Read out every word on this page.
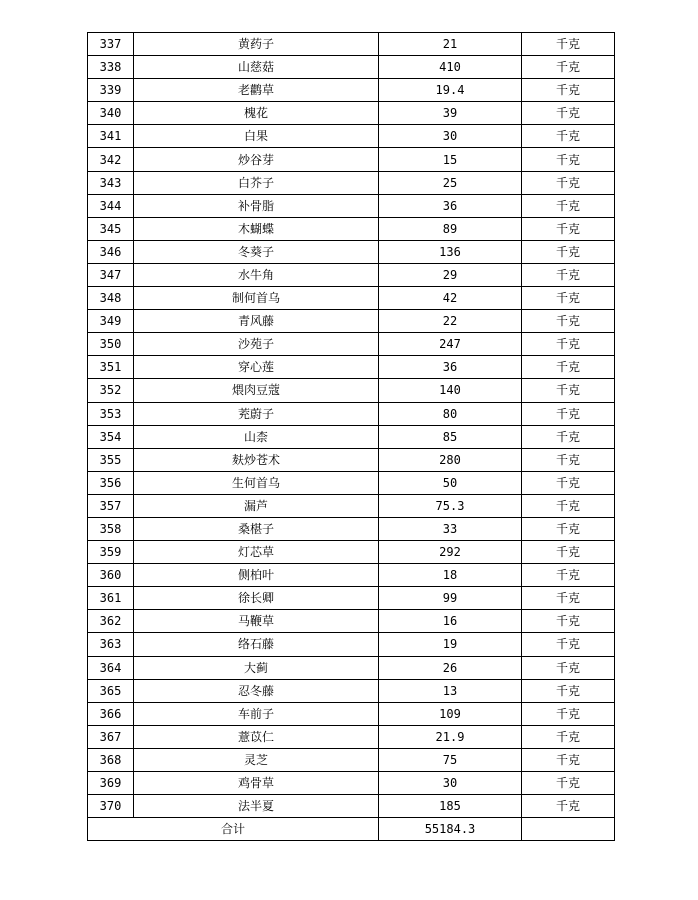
337	黄药子	21	千克
338	山慈菇	410	千克
339	老鹳草	19.4	千克
340	槐花	39	千克
341	白果	30	千克
342	炒谷芽	15	千克
343	白芥子	25	千克
344	补骨脂	36	千克
345	木蝴蝶	89	千克
346	冬葵子	136	千克
347	水牛角	29	千克
348	制何首乌	42	千克
349	青风藤	22	千克
350	沙苑子	247	千克
351	穿心莲	36	千克
352	煨肉豆蔻	140	千克
353	茺蔚子	80	千克
354	山柰	85	千克
355	麸炒苍术	280	千克
356	生何首乌	50	千克
357	漏芦	75.3	千克
358	桑椹子	33	千克
359	灯芯草	292	千克
360	侧柏叶	18	千克
361	徐长卿	99	千克
362	马鞭草	16	千克
363	络石藤	19	千克
364	大蓟	26	千克
365	忍冬藤	13	千克
366	车前子	109	千克
367	薏苡仁	21.9	千克
368	灵芝	75	千克
369	鸡骨草	30	千克
370	法半夏	185	千克
合计		55184.3	
